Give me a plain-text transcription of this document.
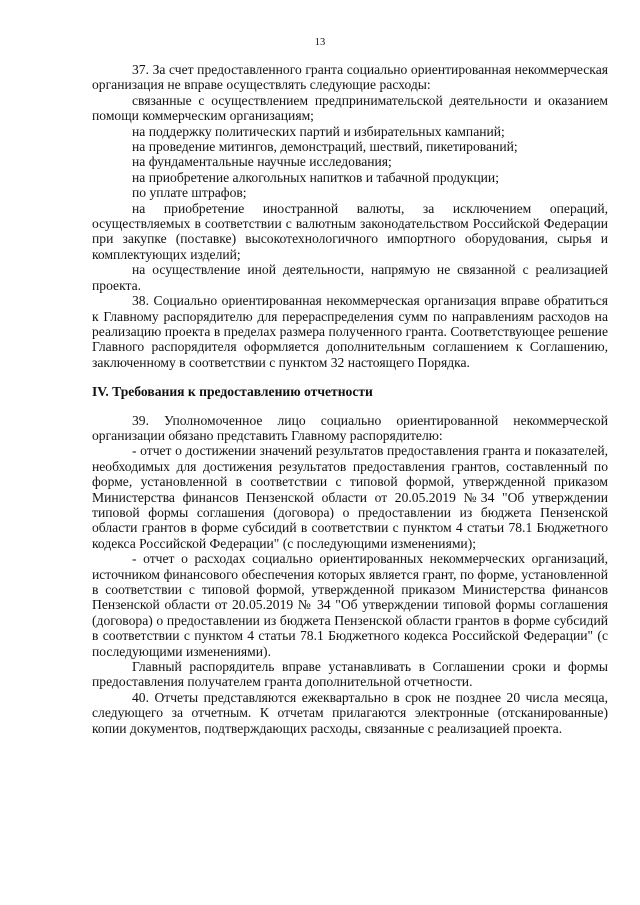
13

37. За счет предоставленного гранта социально ориентированная некоммерческая организация не вправе осуществлять следующие расходы:

связанные с осуществлением предпринимательской деятельности и оказанием помощи коммерческим организациям;

на поддержку политических партий и избирательных кампаний;

на проведение митингов, демонстраций, шествий, пикетирований;

на фундаментальные научные исследования;

на приобретение алкогольных напитков и табачной продукции;

по уплате штрафов;

на приобретение иностранной валюты, за исключением операций, осуществляемых в соответствии с валютным законодательством Российской Федерации при закупке (поставке) высокотехнологичного импортного оборудования, сырья и комплектующих изделий;

на осуществление иной деятельности, напрямую не связанной с реализацией проекта.

38. Социально ориентированная некоммерческая организация вправе обратиться к Главному распорядителю для перераспределения сумм по направлениям расходов на реализацию проекта в пределах размера полученного гранта. Соответствующее решение Главного распорядителя оформляется дополнительным соглашением к Соглашению, заключенному в соответствии с пунктом 32 настоящего Порядка.

IV. Требования к предоставлению отчетности

39. Уполномоченное лицо социально ориентированной некоммерческой организации обязано представить Главному распорядителю:

- отчет о достижении значений результатов предоставления гранта и показателей, необходимых для достижения результатов предоставления грантов, составленный по форме, установленной в соответствии с типовой формой, утвержденной приказом Министерства финансов Пензенской области от 20.05.2019 №34 "Об утверждении типовой формы соглашения (договора) о предоставлении из бюджета Пензенской области грантов в форме субсидий в соответствии с пунктом 4 статьи 78.1 Бюджетного кодекса Российской Федерации" (с последующими изменениями);

- отчет о расходах социально ориентированных некоммерческих организаций, источником финансового обеспечения которых является грант, по форме, установленной в соответствии с типовой формой, утвержденной приказом Министерства финансов Пензенской области от 20.05.2019 № 34 "Об утверждении типовой формы соглашения (договора) о предоставлении из бюджета Пензенской области грантов в форме субсидий в соответствии с пунктом 4 статьи 78.1 Бюджетного кодекса Российской Федерации" (с последующими изменениями).

Главный распорядитель вправе устанавливать в Соглашении сроки и формы предоставления получателем гранта дополнительной отчетности.

40. Отчеты представляются ежеквартально в срок не позднее 20 числа месяца, следующего за отчетным. К отчетам прилагаются электронные (отсканированные) копии документов, подтверждающих расходы, связанные с реализацией проекта.
